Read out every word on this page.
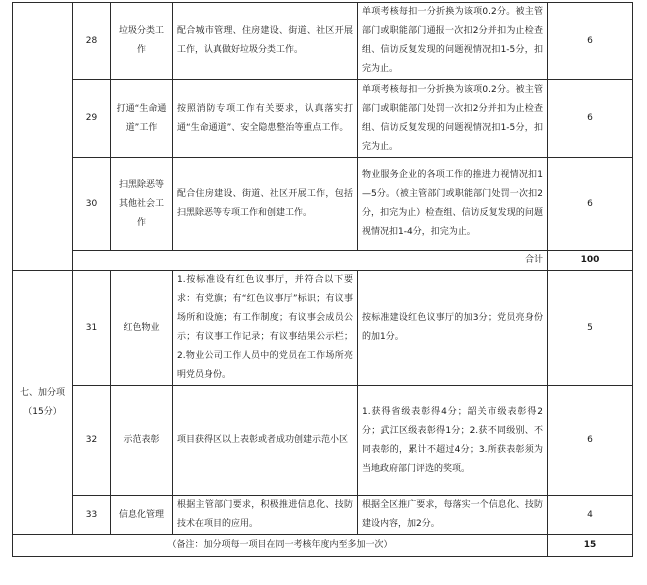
	28	垃圾分类工作	配合城市管理、住房建设、街道、社区开展工作，认真做好垃圾分类工作。	单项考核每扣一分折换为该项0.2分。被主管部门或职能部门通报一次扣2分并扣为止检查组、信访反复发现的问题视情况扣1-5分，扣完为止。	6
	29	打通“生命通道”工作	按照消防专项工作有关要求，认真落实打通“生命通道”、安全隐患整治等重点工作。	单项考核每扣一分折换为该项0.2分。被主管部门或职能部门处罚一次扣2分并扣为止检查组、信访反复发现的问题视情况扣1-5分，扣完为止。	6
	30	扫黑除恶等其他社会工作	配合住房建设、街道、社区开展工作，包括扫黑除恶等专项工作和创建工作。	物业服务企业的各项工作的推进力视情况扣1—5分。（被主管部门或职能部门处罚一次扣2分，扣完为止）检查组、信访反复发现的问题视情况扣1-4分，扣完为止。	6
	合计				100
七、加分项（15分）	31	红色物业	1.按标准设有红色议事厅，并符合以下要求：有党旗；有“红色议事厅”标识；有议事场所和设施；有工作制度；有议事会成员公示；有议事工作记录；有议事结果公示栏；2.物业公司工作人员中的党员在工作场所亮明党员身份。	按标准建设红色议事厅的加3分；党员亮身份的加1分。	5
	32	示范表彰	项目获得区以上表彰或者成功创建示范小区	1.获得省级表彰得4分；韶关市级表彰得2分；武江区级表彰得1分；2.获不同级别、不同表彰的，累计不超过4分；3.所获表彰须为当地政府部门评选的奖项。	6
	33	信息化管理	根据主管部门要求，积极推进信息化、技防技术在项目的应用。	根据全区推广要求，每落实一个信息化、技防建设内容，加2分。	4
（备注：加分项每一项目在同一考核年度内至多加一次）					15
